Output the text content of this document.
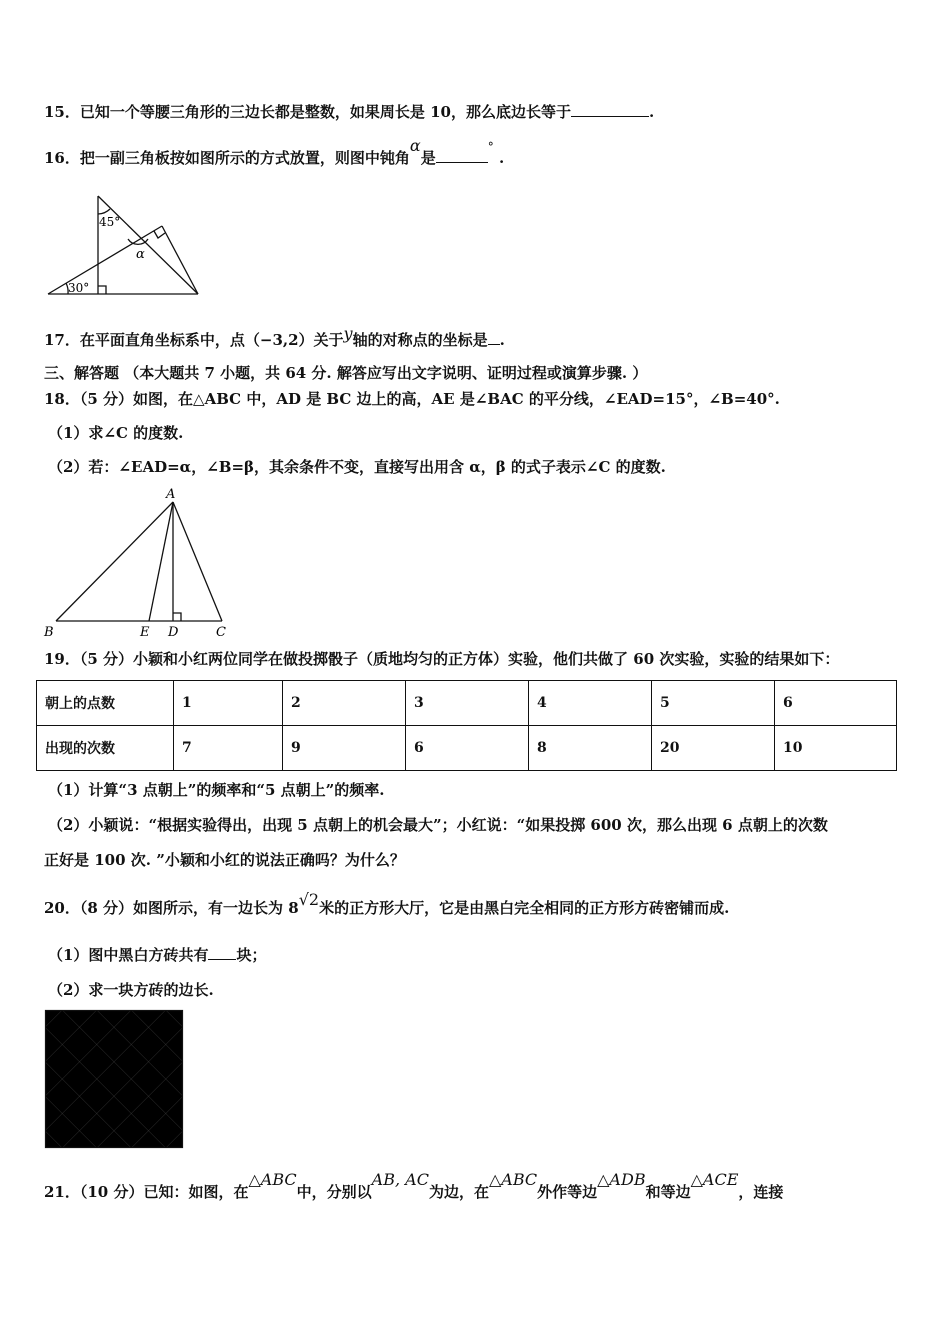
15．已知一个等腰三角形的三边长都是整数，如果周长是 10，那么底边长等于	.
16．把一副三角板按如图所示的方式放置，则图中钝角α是° .
45°
30°
α
17．在平面直角坐标系中，点（−3,2）关于y轴的对称点的坐标是 .
三、解答题 （本大题共 7 小题，共 64 分. 解答应写出文字说明、证明过程或演算步骤. ）
18．（5 分）如图，在△ABC 中，AD 是 BC 边上的高，AE 是∠BAC 的平分线，∠EAD=15°，∠B=40°.
（1）求∠C 的度数.
（2）若：∠EAD=α，∠B=β，其余条件不变，直接写出用含 α，β 的式子表示∠C 的度数.
A
B	E D	C
19．（5 分）小颖和小红两位同学在做投掷骰子（质地均匀的正方体）实验，他们共做了 60 次实验，实验的结果如下：
朝上的点数	1	2	3	4	5	6
出现的次数	7	9	6	8	20	10
（1）计算“3 点朝上”的频率和“5 点朝上”的频率.
（2）小颖说：“根据实验得出，出现 5 点朝上的机会最大”；小红说：“如果投掷 600 次，那么出现 6 点朝上的次数
正好是 100 次. ”小颖和小红的说法正确吗？为什么？
20．（8 分）如图所示，有一边长为 8√2米的正方形大厅，它是由黑白完全相同的正方形方砖密铺而成.
（1）图中黑白方砖共有 块；
（2）求一块方砖的边长.
21．（10 分）已知：如图，在△ABC中，分别以AB, AC为边，在△ABC外作等边△ADB和等边△ACE，连接
